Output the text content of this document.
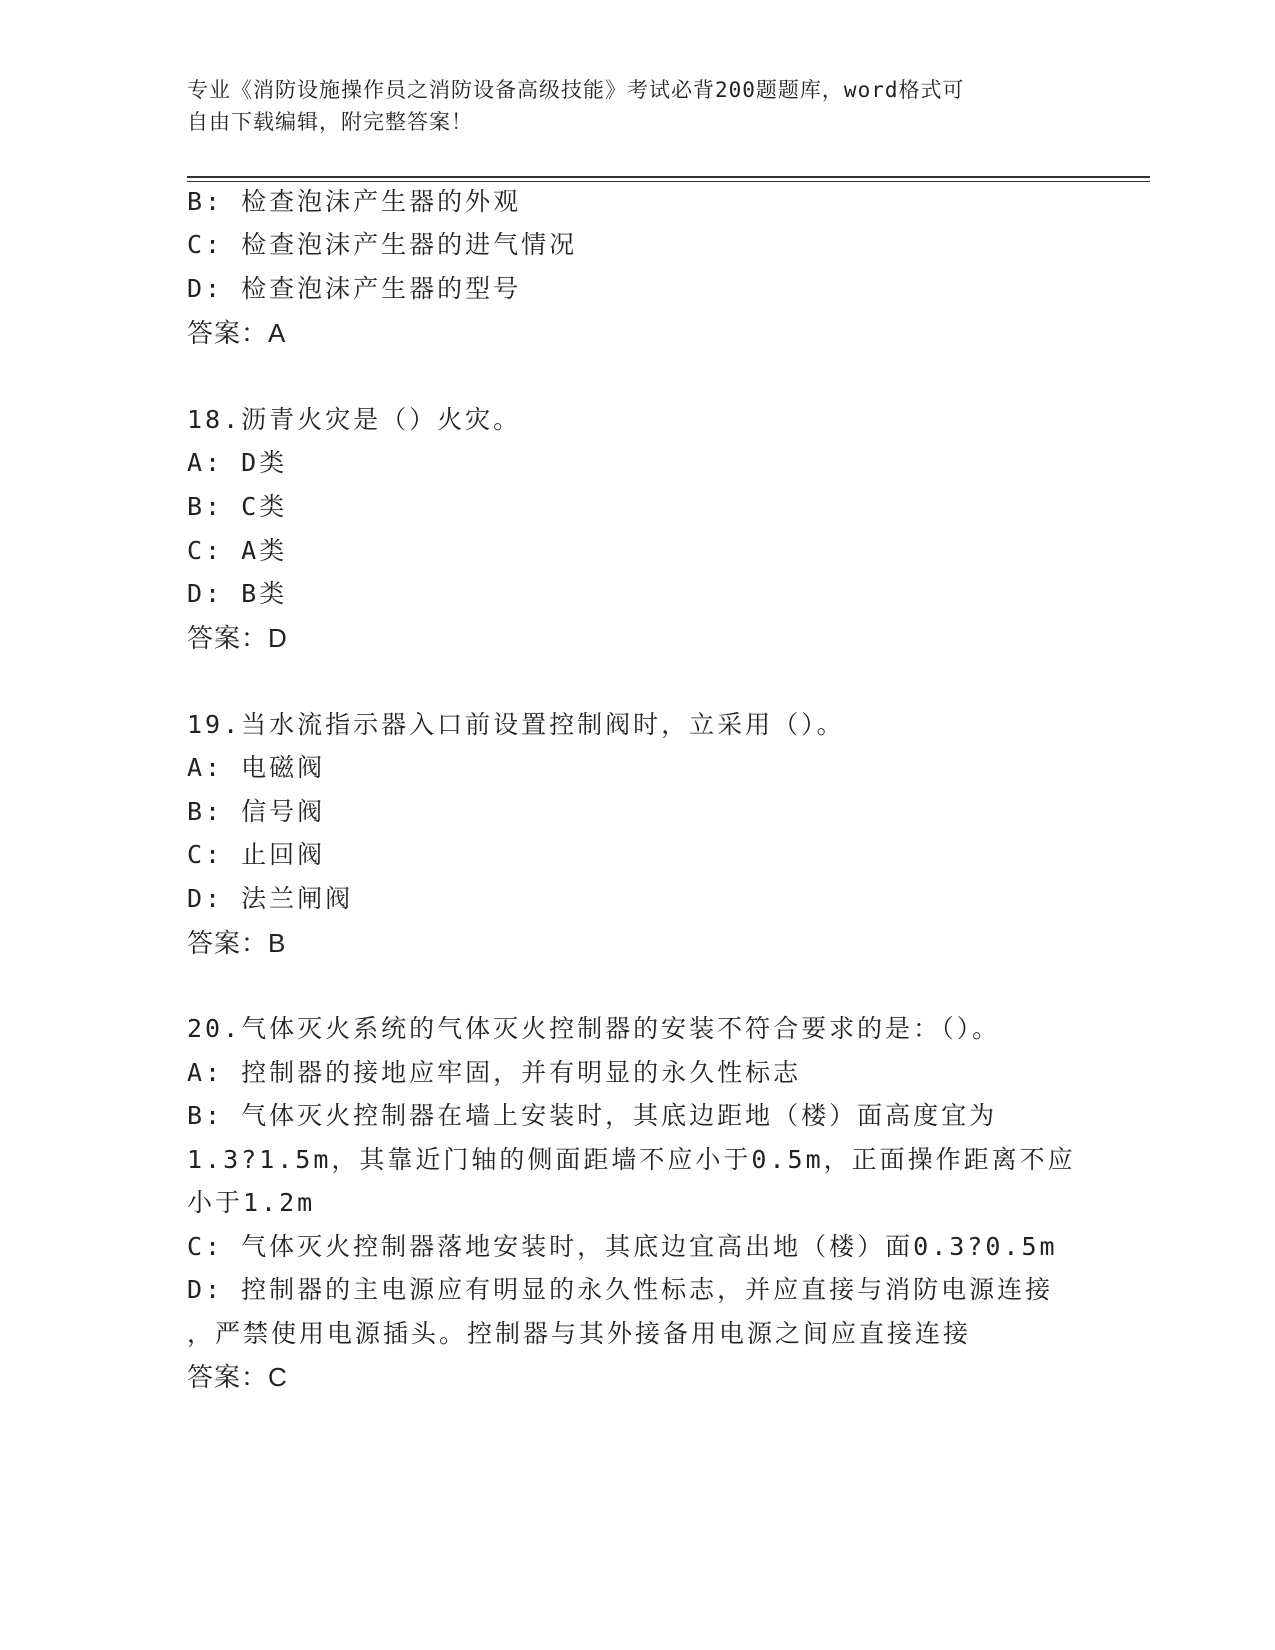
专业《消防设施操作员之消防设备高级技能》考试必背200题题库，word格式可
自由下载编辑，附完整答案！
B: 检查泡沫产生器的外观
C: 检查泡沫产生器的进气情况
D: 检查泡沫产生器的型号
答案：A
18.沥青火灾是（）火灾。
A: D类
B: C类
C: A类
D: B类
答案：D
19.当水流指示器入口前设置控制阀时，立采用（）。
A: 电磁阀
B: 信号阀
C: 止回阀
D: 法兰闸阀
答案：B
20.气体灭火系统的气体灭火控制器的安装不符合要求的是：（）。
A: 控制器的接地应牢固，并有明显的永久性标志
B: 气体灭火控制器在墙上安装时，其底边距地（楼）面高度宜为
1.3?1.5m，其靠近门轴的侧面距墙不应小于0.5m，正面操作距离不应
小于1.2m
C: 气体灭火控制器落地安装时，其底边宜高出地（楼）面0.3?0.5m
D: 控制器的主电源应有明显的永久性标志，并应直接与消防电源连接
，严禁使用电源插头。控制器与其外接备用电源之间应直接连接
答案：C
